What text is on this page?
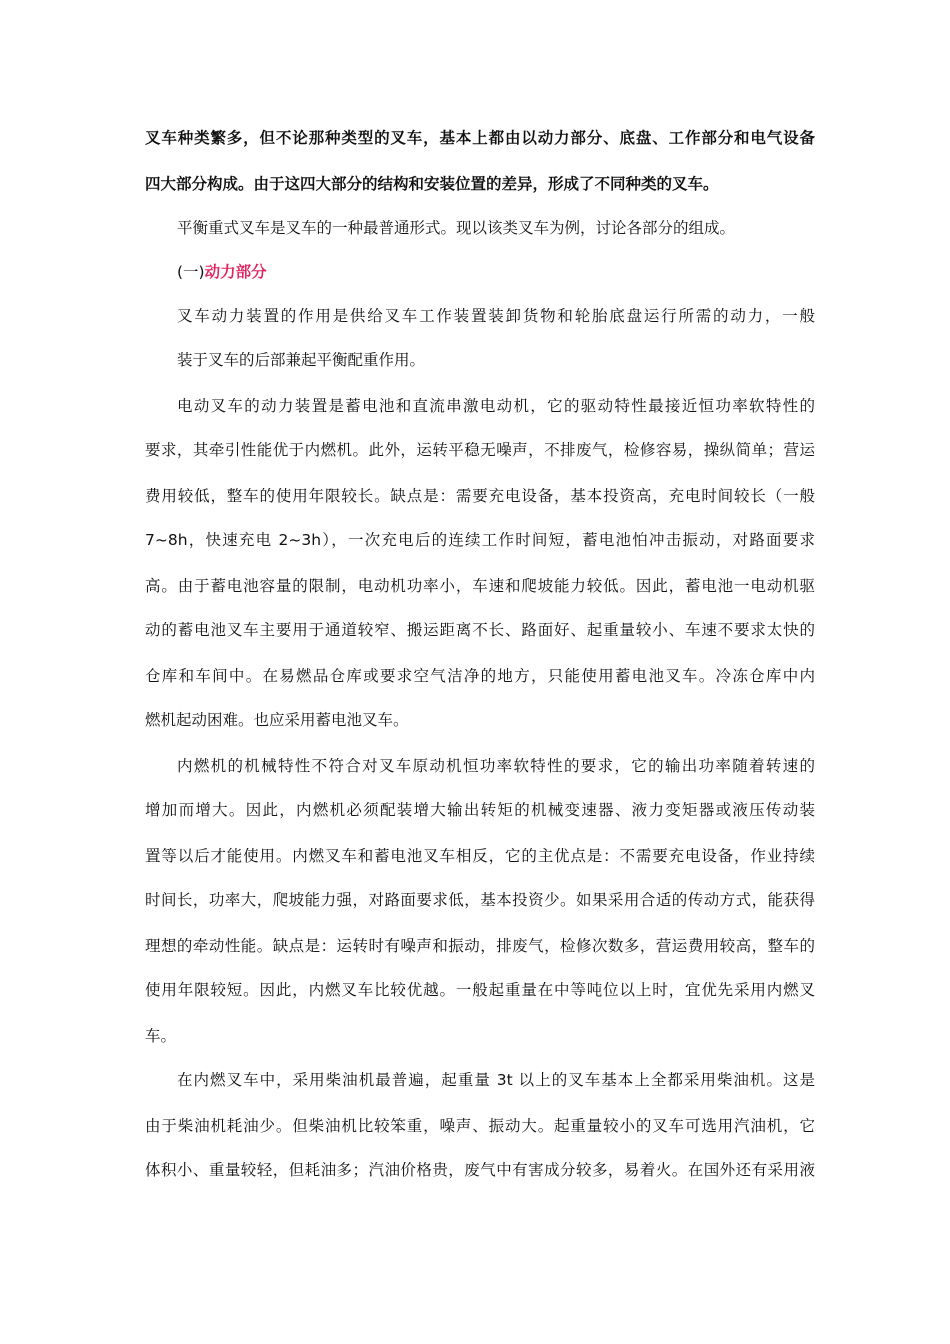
叉车种类繁多，但不论那种类型的叉车，基本上都由以动力部分、底盘、工作部分和电气设备
四大部分构成。由于这四大部分的结构和安装位置的差异，形成了不同种类的叉车。
平衡重式叉车是叉车的一种最普通形式。现以该类叉车为例，讨论各部分的组成。
(一)动力部分
叉车动力装置的作用是供给叉车工作装置装卸货物和轮胎底盘运行所需的动力，一般
装于叉车的后部兼起平衡配重作用。
电动叉车的动力装置是蓄电池和直流串激电动机，它的驱动特性最接近恒功率软特性的
要求，其牵引性能优于内燃机。此外，运转平稳无噪声，不排废气，检修容易，操纵简单；营运
费用较低，整车的使用年限较长。缺点是：需要充电设备，基本投资高，充电时间较长（一般
7~8h，快速充电 2~3h），一次充电后的连续工作时间短，蓄电池怕冲击振动，对路面要求
高。由于蓄电池容量的限制，电动机功率小，车速和爬坡能力较低。因此，蓄电池一电动机驱
动的蓄电池叉车主要用于通道较窄、搬运距离不长、路面好、起重量较小、车速不要求太快的
仓库和车间中。在易燃品仓库或要求空气洁净的地方，只能使用蓄电池叉车。冷冻仓库中内
燃机起动困难。也应采用蓄电池叉车。
内燃机的机械特性不符合对叉车原动机恒功率软特性的要求，它的输出功率随着转速的
增加而增大。因此，内燃机必须配装增大输出转矩的机械变速器、液力变矩器或液压传动装
置等以后才能使用。内燃叉车和蓄电池叉车相反，它的主优点是：不需要充电设备，作业持续
时间长，功率大，爬坡能力强，对路面要求低，基本投资少。如果采用合适的传动方式，能获得
理想的牵动性能。缺点是：运转时有噪声和振动，排废气，检修次数多，营运费用较高，整车的
使用年限较短。因此，内燃叉车比较优越。一般起重量在中等吨位以上时，宜优先采用内燃叉
车。
在内燃叉车中，采用柴油机最普遍，起重量 3t 以上的叉车基本上全都采用柴油机。这是
由于柴油机耗油少。但柴油机比较笨重，噪声、振动大。起重量较小的叉车可选用汽油机，它
体积小、重量较轻，但耗油多；汽油价格贵，废气中有害成分较多，易着火。在国外还有采用液
